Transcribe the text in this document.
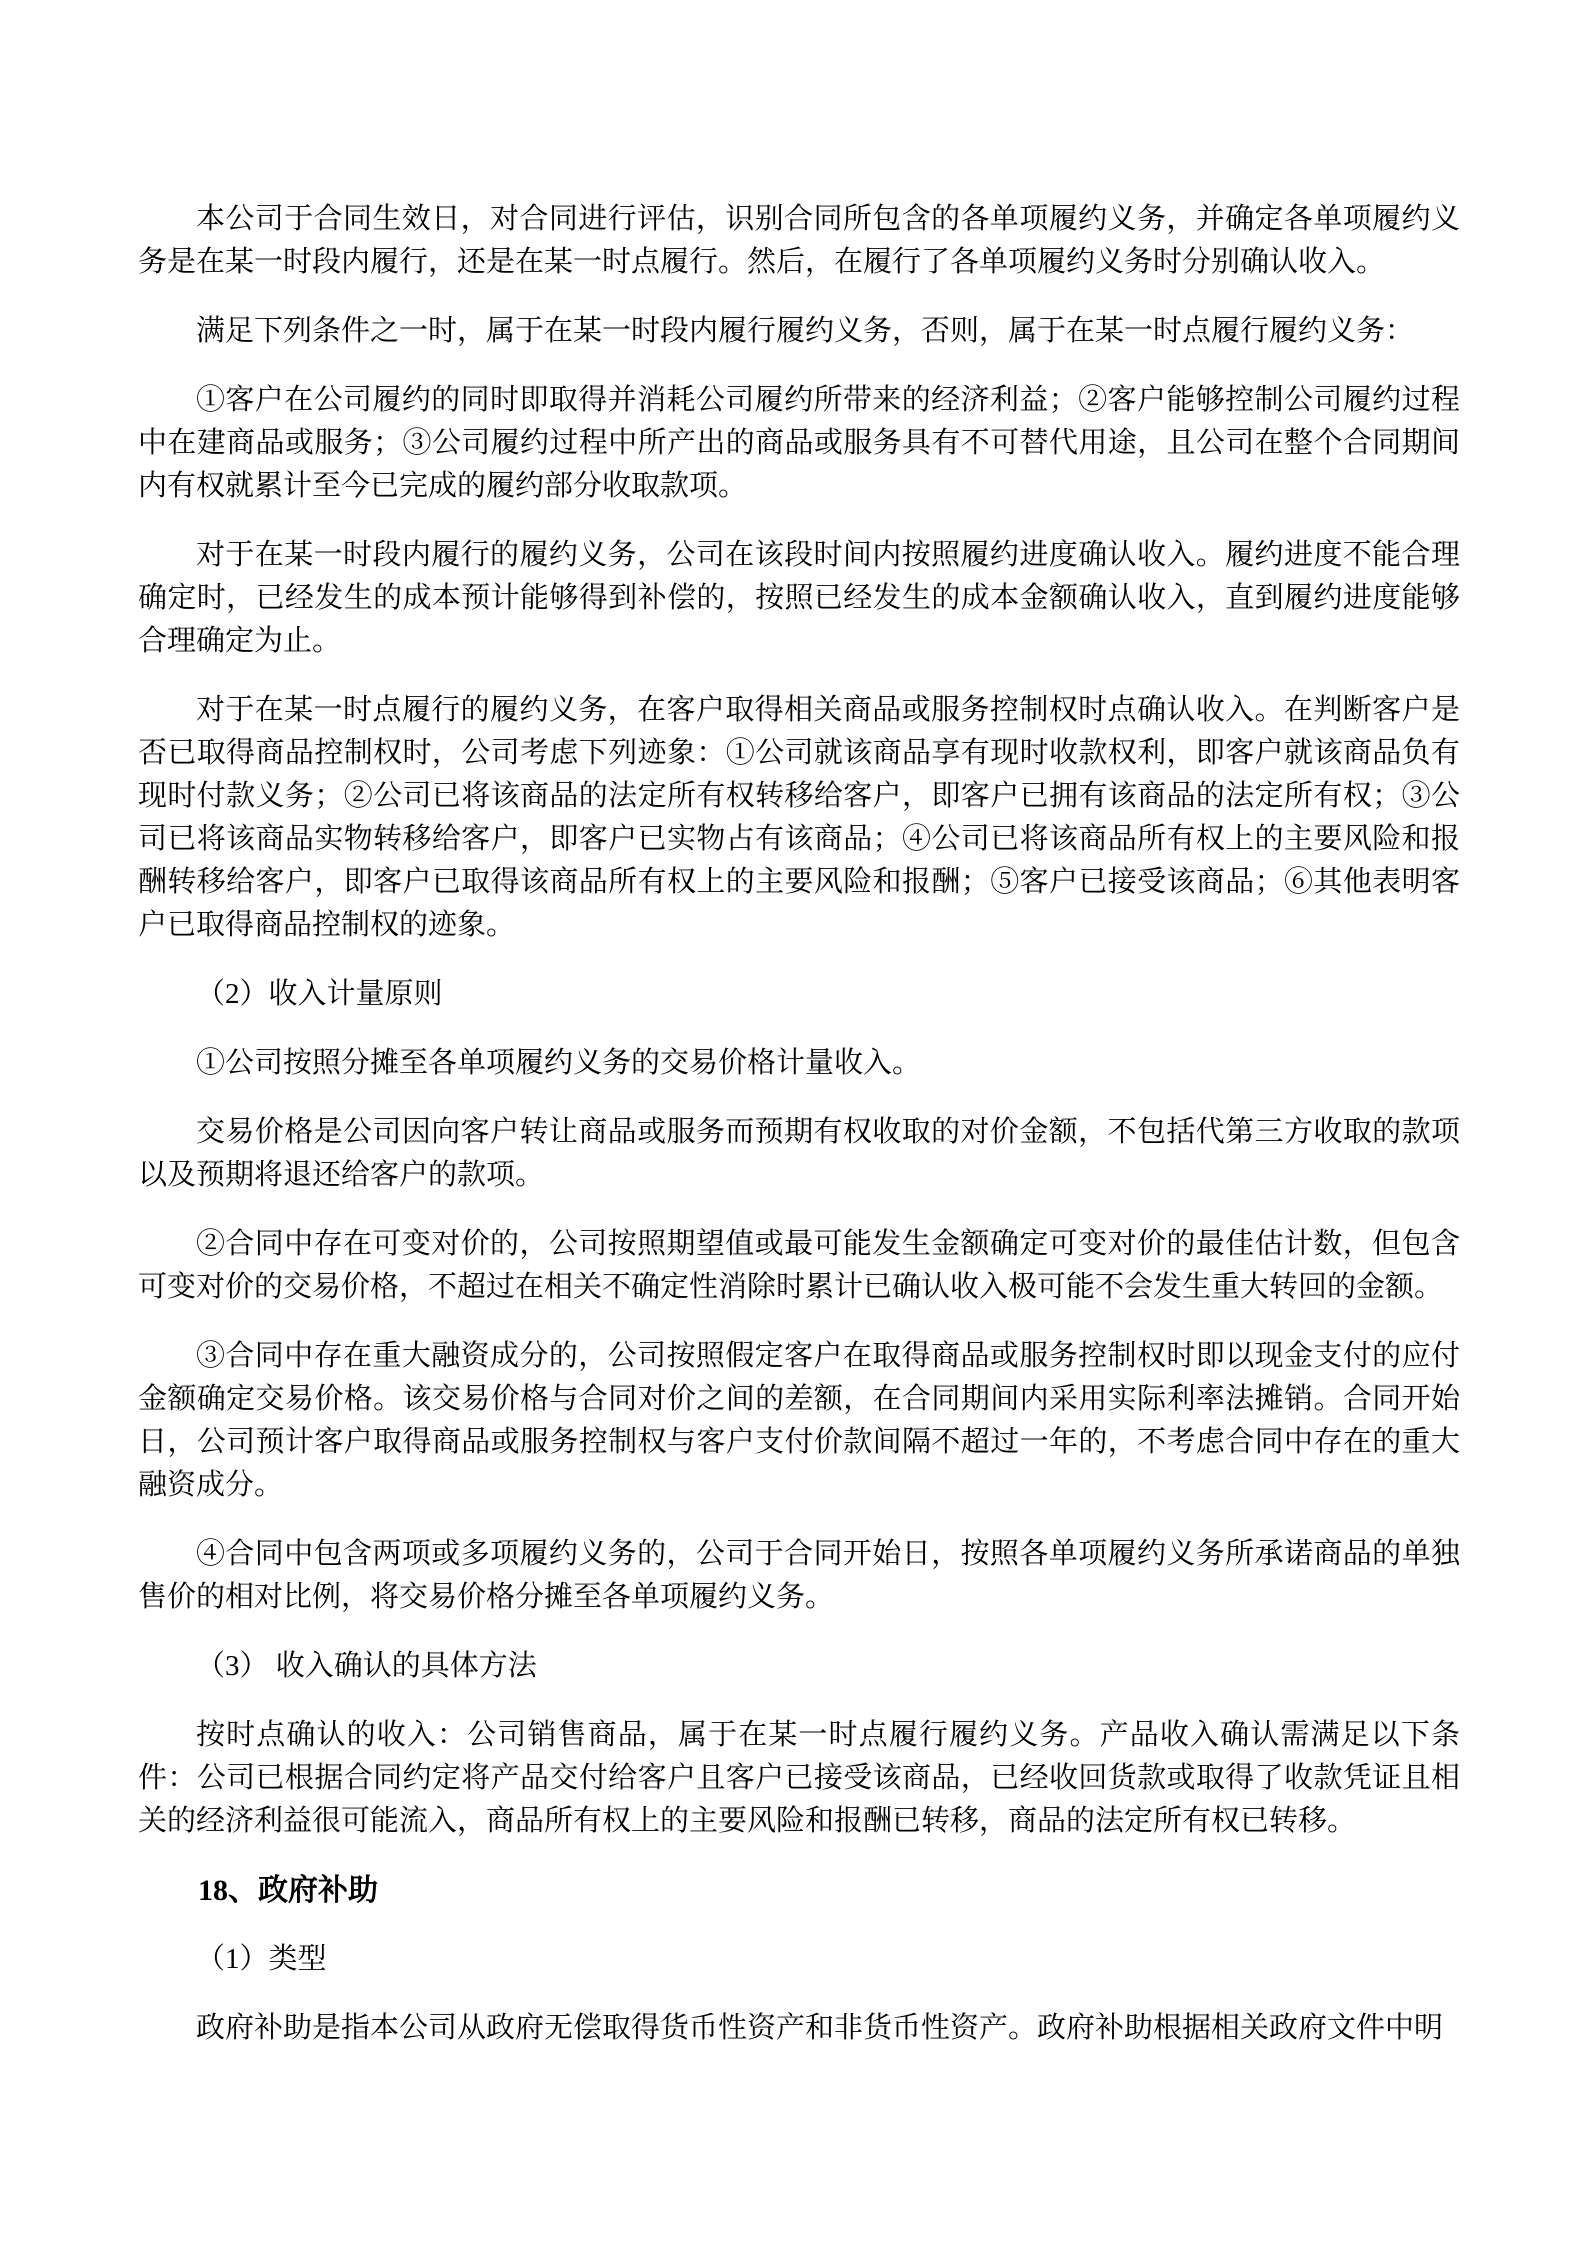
本公司于合同生效日，对合同进行评估，识别合同所包含的各单项履约义务，并确定各单项履约义务是在某一时段内履行，还是在某一时点履行。然后，在履行了各单项履约义务时分别确认收入。

满足下列条件之一时，属于在某一时段内履行履约义务，否则，属于在某一时点履行履约义务：

①客户在公司履约的同时即取得并消耗公司履约所带来的经济利益；②客户能够控制公司履约过程中在建商品或服务；③公司履约过程中所产出的商品或服务具有不可替代用途，且公司在整个合同期间内有权就累计至今已完成的履约部分收取款项。

对于在某一时段内履行的履约义务，公司在该段时间内按照履约进度确认收入。履约进度不能合理确定时，已经发生的成本预计能够得到补偿的，按照已经发生的成本金额确认收入，直到履约进度能够合理确定为止。

对于在某一时点履行的履约义务，在客户取得相关商品或服务控制权时点确认收入。在判断客户是否已取得商品控制权时，公司考虑下列迹象：①公司就该商品享有现时收款权利，即客户就该商品负有现时付款义务；②公司已将该商品的法定所有权转移给客户，即客户已拥有该商品的法定所有权；③公司已将该商品实物转移给客户，即客户已实物占有该商品；④公司已将该商品所有权上的主要风险和报酬转移给客户，即客户已取得该商品所有权上的主要风险和报酬；⑤客户已接受该商品；⑥其他表明客户已取得商品控制权的迹象。

（2）收入计量原则

①公司按照分摊至各单项履约义务的交易价格计量收入。

交易价格是公司因向客户转让商品或服务而预期有权收取的对价金额，不包括代第三方收取的款项以及预期将退还给客户的款项。

②合同中存在可变对价的，公司按照期望值或最可能发生金额确定可变对价的最佳估计数，但包含可变对价的交易价格，不超过在相关不确定性消除时累计已确认收入极可能不会发生重大转回的金额。

③合同中存在重大融资成分的，公司按照假定客户在取得商品或服务控制权时即以现金支付的应付金额确定交易价格。该交易价格与合同对价之间的差额，在合同期间内采用实际利率法摊销。合同开始日，公司预计客户取得商品或服务控制权与客户支付价款间隔不超过一年的，不考虑合同中存在的重大融资成分。

④合同中包含两项或多项履约义务的，公司于合同开始日，按照各单项履约义务所承诺商品的单独售价的相对比例，将交易价格分摊至各单项履约义务。

（3） 收入确认的具体方法

按时点确认的收入：公司销售商品，属于在某一时点履行履约义务。产品收入确认需满足以下条件：公司已根据合同约定将产品交付给客户且客户已接受该商品，已经收回货款或取得了收款凭证且相关的经济利益很可能流入，商品所有权上的主要风险和报酬已转移，商品的法定所有权已转移。

18、政府补助

（1）类型

政府补助是指本公司从政府无偿取得货币性资产和非货币性资产。政府补助根据相关政府文件中明
